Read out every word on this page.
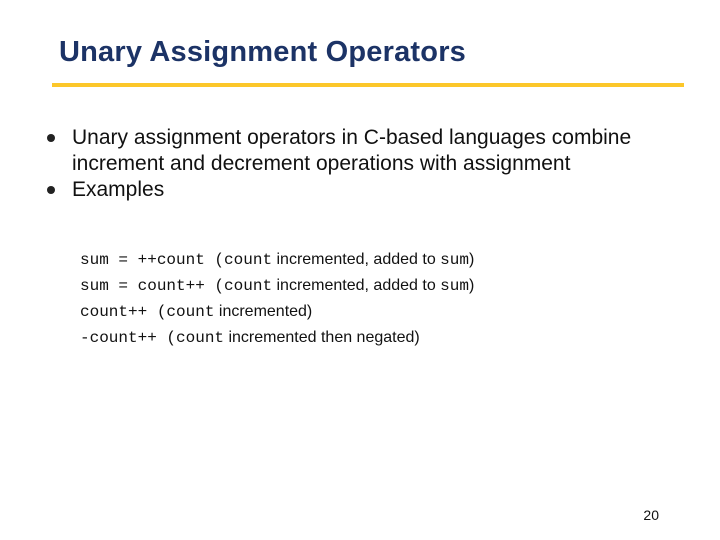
Unary Assignment Operators
Unary assignment operators in C-based languages combine increment and decrement operations with assignment
Examples
sum = ++count (count incremented, added to sum)
sum = count++ (count incremented, added to sum)
count++ (count incremented)
-count++ (count incremented then negated)
20
